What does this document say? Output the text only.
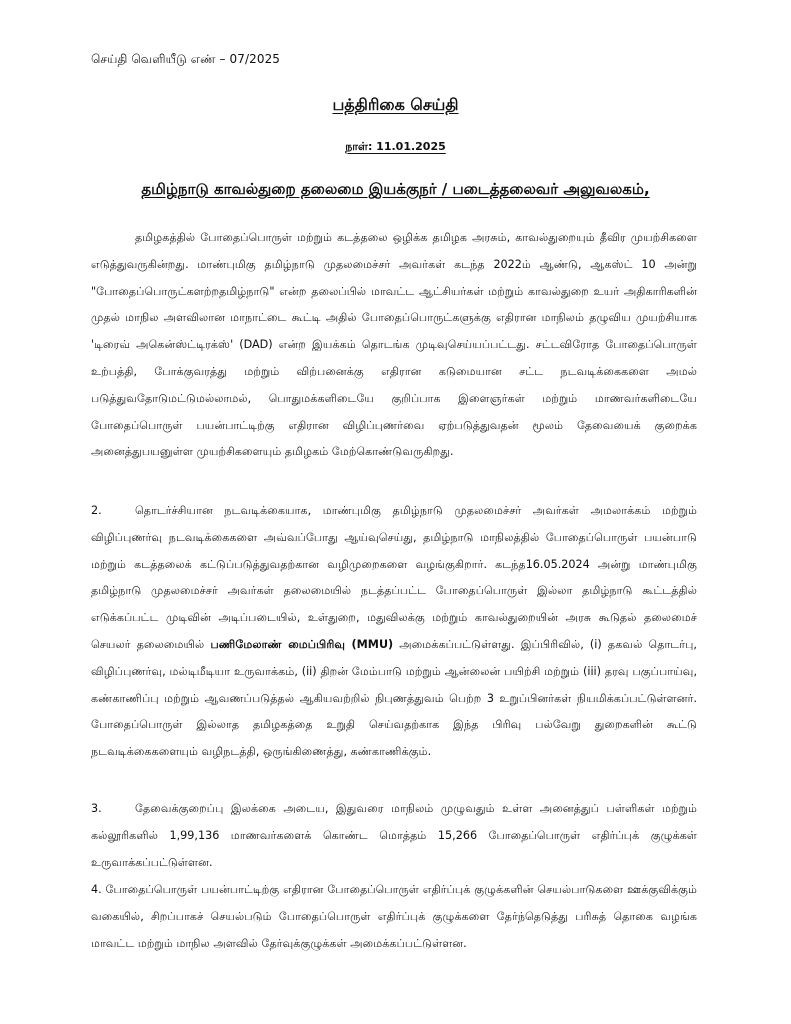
செய்தி வெளியீடு எண் – 07/2025
பத்திரிகை செய்தி
நாள்: 11.01.2025
தமிழ்நாடு காவல்துறை தலைமை இயக்குநர் / படைத்தலைவர் அலுவலகம்,

தமிழகத்தில் போதைப்பொருள் மற்றும் கடத்தலை ஒழிக்க தமிழக அரசும், காவல்துறையும் தீவிர முயற்சிகளை எடுத்துவருகின்றது. மாண்புமிகு தமிழ்நாடு முதலமைச்சர் அவர்கள் கடந்த 2022ம் ஆண்டு, ஆகஸ்ட் 10 அன்று "போதைப்பொருட்களற்றதமிழ்நாடு" என்ற தலைப்பில் மாவட்ட ஆட்சியர்கள் மற்றும் காவல்துறை உயர் அதிகாரிகளின் முதல் மாநில அளவிலான மாநாட்டை கூட்டி அதில் போதைப்பொருட்களுக்கு எதிரான மாநிலம் தழுவிய முயற்சியாக 'டிரைவ் அகென்ஸ்ட்டிரக்ஸ்' (DAD) என்ற இயக்கம் தொடங்க முடிவுசெய்யப்பட்டது. சட்டவிரோத போதைப்பொருள் உற்பத்தி, போக்குவரத்து மற்றும் விற்பனைக்கு எதிரான கடுமையான சட்ட நடவடிக்கைகளை அமல் படுத்துவதோடுமட்டுமல்லாமல், பொதுமக்களிடையே குறிப்பாக இளைஞர்கள் மற்றும் மாணவர்களிடையே போதைப்பொருள் பயன்பாட்டிற்கு எதிரான விழிப்புணர்வை ஏற்படுத்துவதன் மூலம் தேவையைக் குறைக்க அனைத்துபயனுள்ள முயற்சிகளையும் தமிழகம் மேற்கொண்டுவருகிறது.

2.	தொடர்ச்சியான நடவடிக்கையாக, மாண்புமிகு தமிழ்நாடு முதலமைச்சர் அவர்கள் அமலாக்கம் மற்றும் விழிப்புணர்வு நடவடிக்கைகளை அவ்வப்போது ஆய்வுசெய்து, தமிழ்நாடு மாநிலத்தில் போதைப்பொருள் பயன்பாடு மற்றும் கடத்தலைக் கட்டுப்படுத்துவதற்கான வழிமுறைகளை வழங்குகிறார். கடந்த16.05.2024 அன்று மாண்புமிகு தமிழ்நாடு முதலமைச்சர் அவர்கள் தலைமையில் நடத்தப்பட்ட போதைப்பொருள் இல்லா தமிழ்நாடு கூட்டத்தில் எடுக்கப்பட்ட முடிவின் அடிப்படையில், உள்துறை, மதுவிலக்கு மற்றும் காவல்துறையின் அரசு கூடுதல் தலைமைச் செயலர் தலைமையில் பணிமேலாண் மைப்பிரிவு (MMU) அமைக்கப்பட்டுள்ளது. இப்பிரிவில், (i) தகவல் தொடர்பு, விழிப்புணர்வு, மல்டிமீடியா உருவாக்கம், (ii) திறன் மேம்பாடு மற்றும் ஆன்லைன் பயிற்சி மற்றும் (iii) தரவு பகுப்பாய்வு, கண்காணிப்பு மற்றும் ஆவணப்படுத்தல் ஆகியவற்றில் நிபுணத்துவம் பெற்ற 3 உறுப்பினர்கள் நியமிக்கப்பட்டுள்ளனர். போதைப்பொருள் இல்லாத தமிழகத்தை உறுதி செய்வதற்காக இந்த பிரிவு பல்வேறு துறைகளின் கூட்டு நடவடிக்கைகளையும் வழிநடத்தி, ஒருங்கிணைத்து, கண்காணிக்கும்.

3.	தேவைக்குறைப்பு இலக்கை அடைய, இதுவரை மாநிலம் முழுவதும் உள்ள அனைத்துப் பள்ளிகள் மற்றும் கல்லூரிகளில் 1,99,136 மாணவர்களைக் கொண்ட மொத்தம் 15,266 போதைப்பொருள் எதிர்ப்புக் குழுக்கள் உருவாக்கப்பட்டுள்ளன.

4. போதைப்பொருள் பயன்பாட்டிற்கு எதிரான போதைப்பொருள் எதிர்ப்புக் குழுக்களின் செயல்பாடுகளை ஊக்குவிக்கும் வகையில், சிறப்பாகச் செயல்படும் போதைப்பொருள் எதிர்ப்புக் குழுக்களை தேர்ந்தெடுத்து பரிசுத் தொகை வழங்க மாவட்ட மற்றும் மாநில அளவில் தேர்வுக்குழுக்கள் அமைக்கப்பட்டுள்ளன.
